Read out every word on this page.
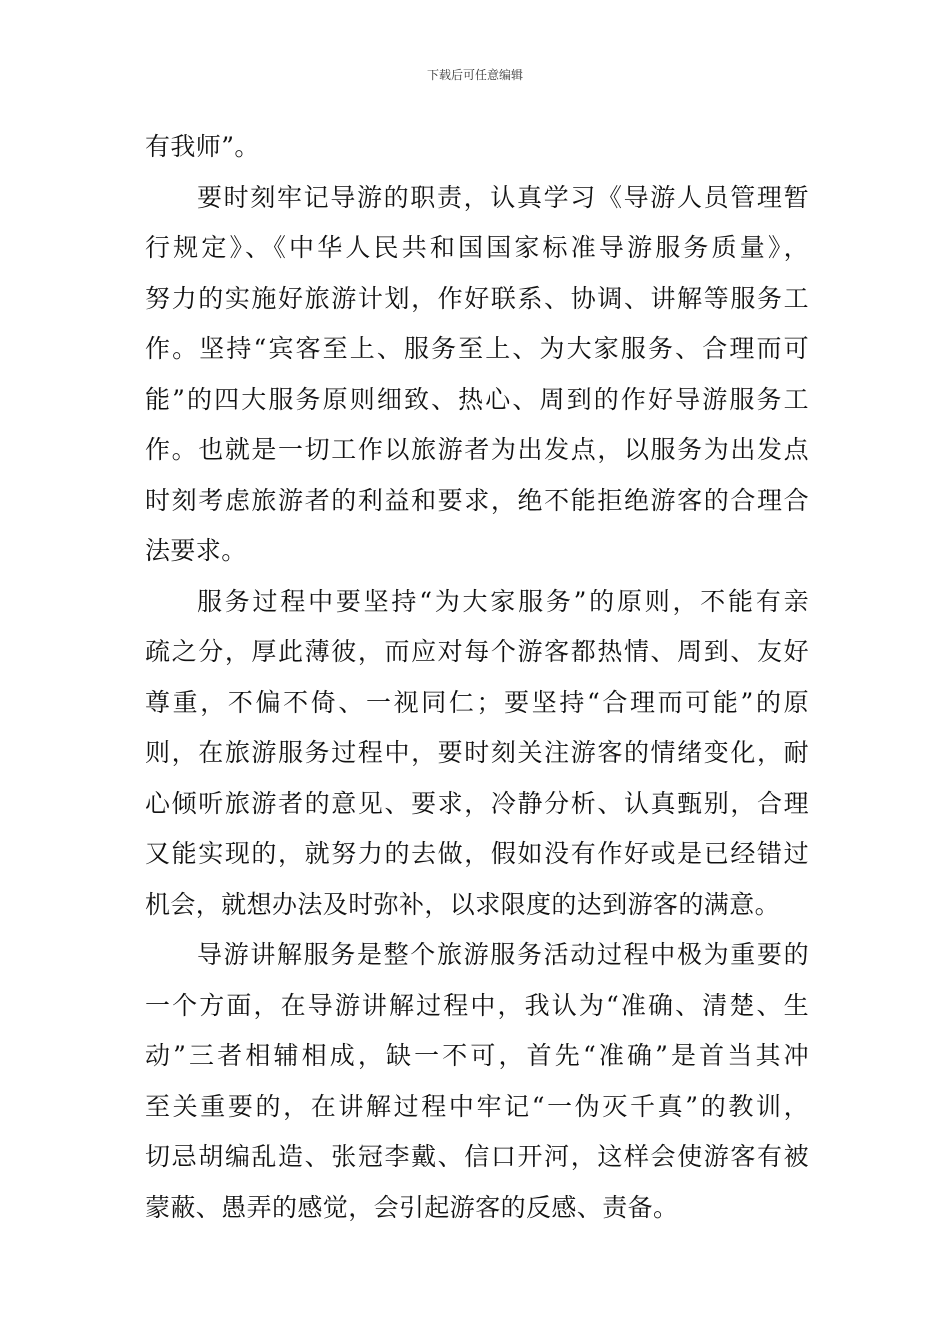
下载后可任意编辑
有我师”。
要时刻牢记导游的职责，认真学习《导游人员管理暂
行规定》、《中华人民共和国国家标准导游服务质量》，
努力的实施好旅游计划，作好联系、协调、讲解等服务工
作。坚持“宾客至上、服务至上、为大家服务、合理而可
能”的四大服务原则细致、热心、周到的作好导游服务工
作。也就是一切工作以旅游者为出发点，以服务为出发点
时刻考虑旅游者的利益和要求，绝不能拒绝游客的合理合
法要求。
服务过程中要坚持“为大家服务”的原则，不能有亲
疏之分，厚此薄彼，而应对每个游客都热情、周到、友好
尊重，不偏不倚、一视同仁；要坚持“合理而可能”的原
则，在旅游服务过程中，要时刻关注游客的情绪变化，耐
心倾听旅游者的意见、要求，冷静分析、认真甄别，合理
又能实现的，就努力的去做，假如没有作好或是已经错过
机会，就想办法及时弥补，以求限度的达到游客的满意。
导游讲解服务是整个旅游服务活动过程中极为重要的
一个方面，在导游讲解过程中，我认为“准确、清楚、生
动”三者相辅相成，缺一不可，首先“准确”是首当其冲
至关重要的，在讲解过程中牢记“一伪灭千真”的教训，
切忌胡编乱造、张冠李戴、信口开河，这样会使游客有被
蒙蔽、愚弄的感觉，会引起游客的反感、责备。
